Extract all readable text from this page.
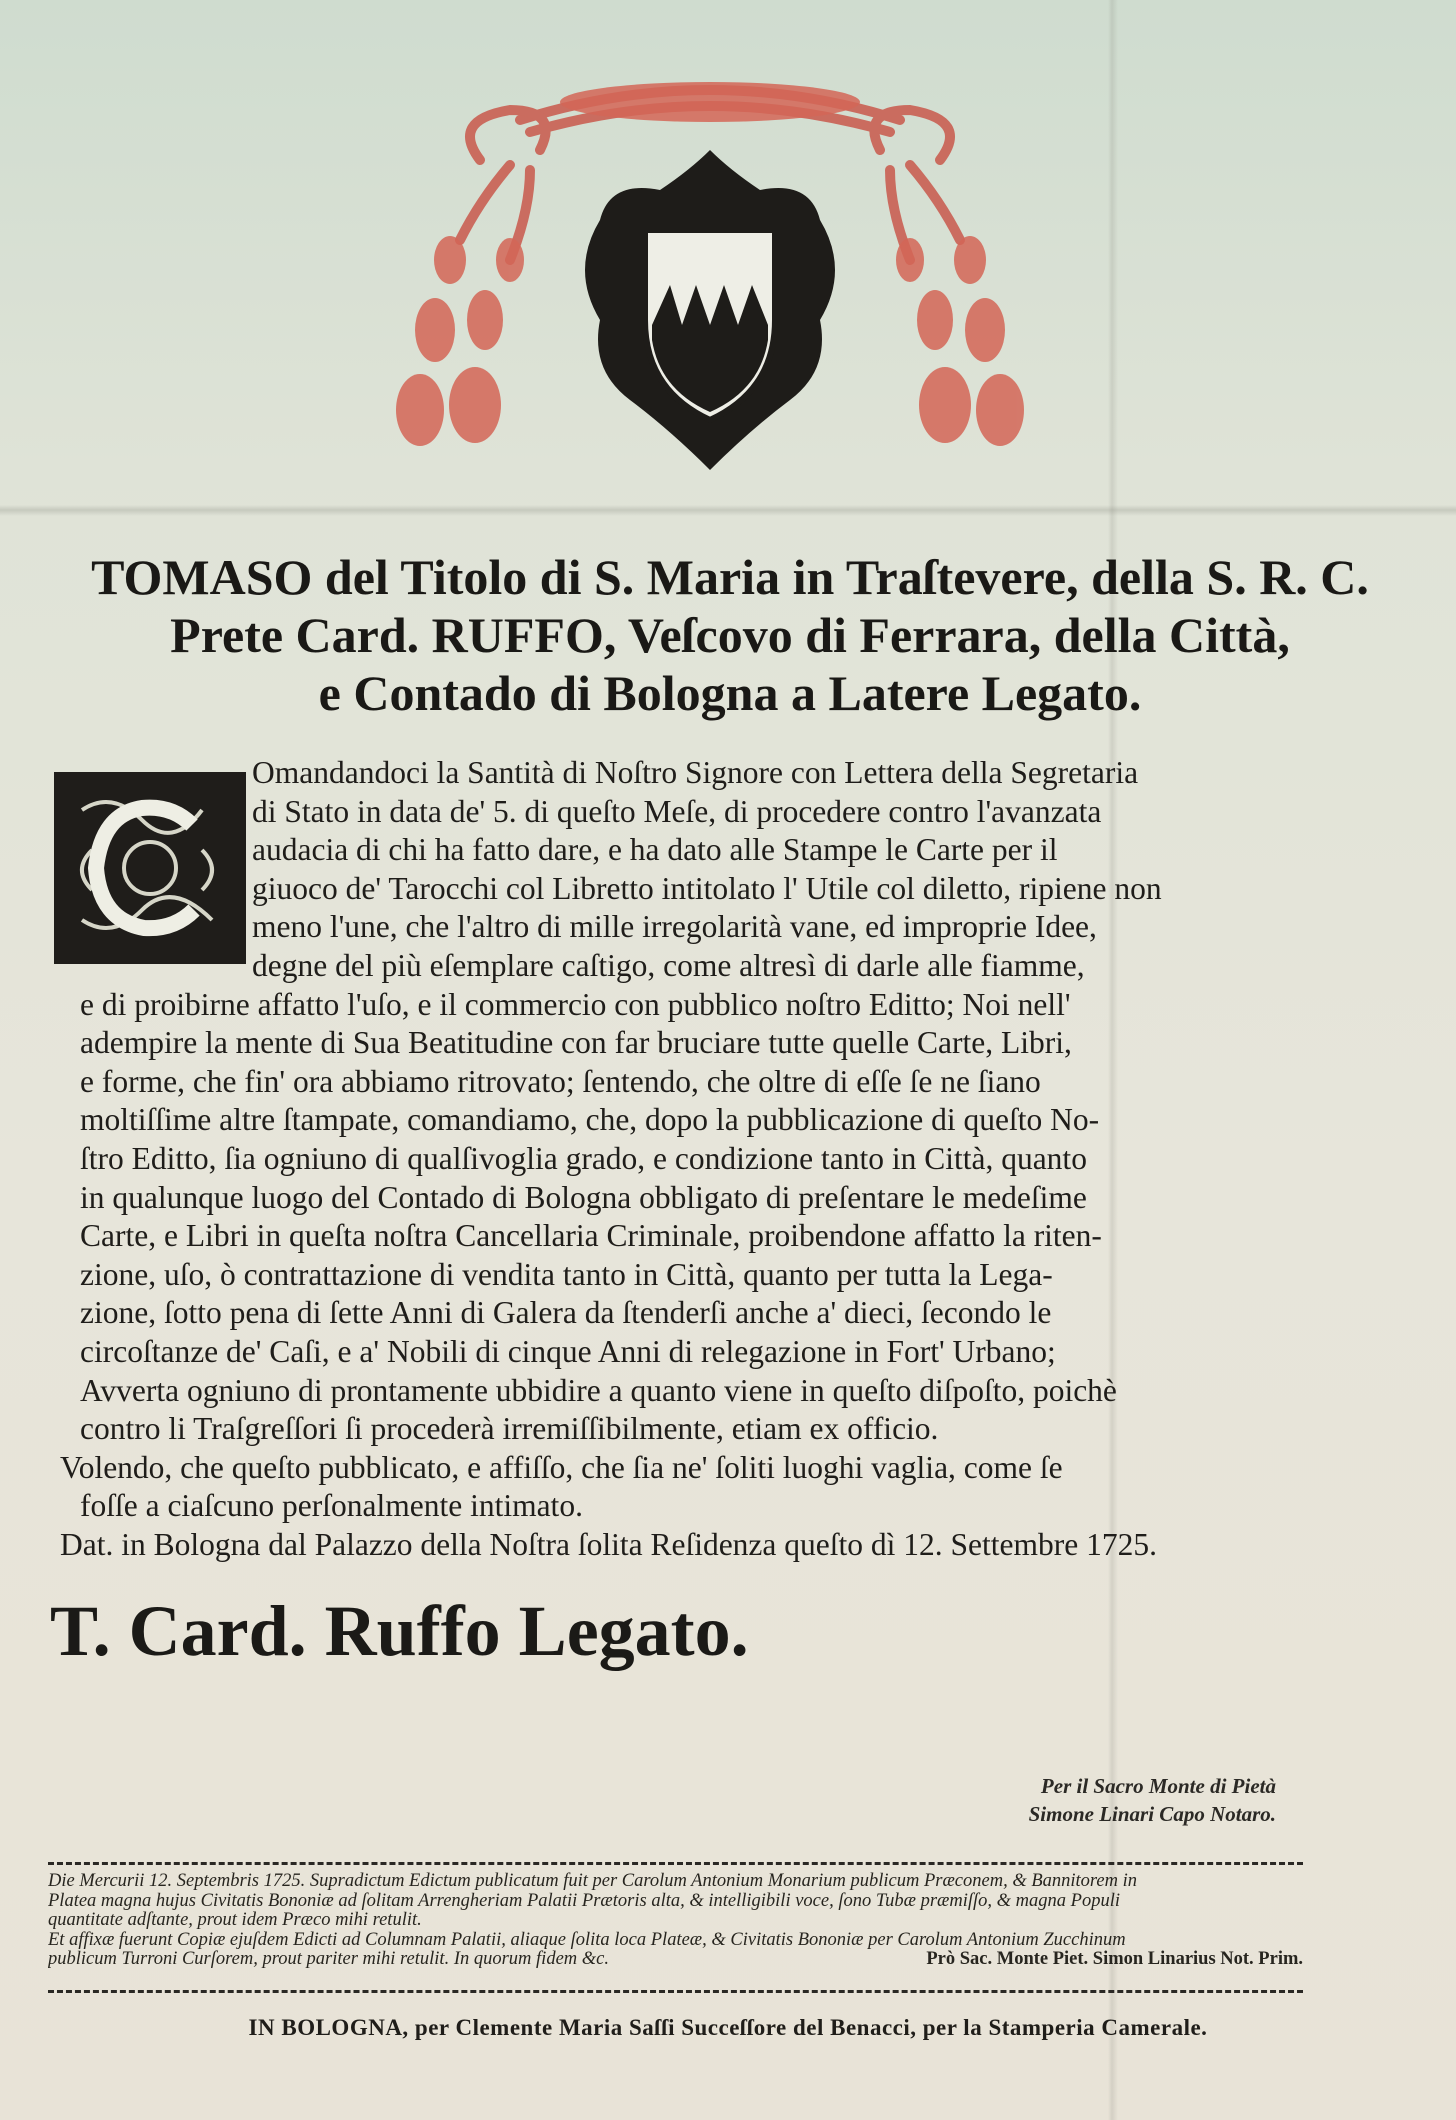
TOMASO del Titolo di S. Maria in Traſtevere, della S. R. C.
Prete Card. RUFFO, Veſcovo di Ferrara, della Città,
e Contado di Bologna a Latere Legato.
Omandandoci la Santità di Noſtro Signore con Lettera della Segretaria
di Stato in data de' 5. di queſto Meſe, di procedere contro l'avanzata
audacia di chi ha fatto dare, e ha dato alle Stampe le Carte per il
giuoco de' Tarocchi col Libretto intitolato l' Utile col diletto, ripiene non
meno l'une, che l'altro di mille irregolarità vane, ed improprie Idee,
degne del più eſemplare caſtigo, come altresì di darle alle fiamme,
e di proibirne affatto l'uſo, e il commercio con pubblico noſtro Editto; Noi nell'
adempire la mente di Sua Beatitudine con far bruciare tutte quelle Carte, Libri,
e forme, che fin' ora abbiamo ritrovato; ſentendo, che oltre di eſſe ſe ne ſiano
moltiſſime altre ſtampate, comandiamo, che, dopo la pubblicazione di queſto No-
ſtro Editto, ſia ogniuno di qualſivoglia grado, e condizione tanto in Città, quanto
in qualunque luogo del Contado di Bologna obbligato di preſentare le medeſime
Carte, e Libri in queſta noſtra Cancellaria Criminale, proibendone affatto la riten-
zione, uſo, ò contrattazione di vendita tanto in Città, quanto per tutta la Lega-
zione, ſotto pena di ſette Anni di Galera da ſtenderſi anche a' dieci, ſecondo le
circoſtanze de' Caſi, e a' Nobili di cinque Anni di relegazione in Fort' Urbano;
Avverta ogniuno di prontamente ubbidire a quanto viene in queſto diſpoſto, poichè
contro li Traſgreſſori ſi procederà irremiſſibilmente, etiam ex officio.
Volendo, che queſto pubblicato, e affiſſo, che ſia ne' ſoliti luoghi vaglia, come ſe
foſſe a ciaſcuno perſonalmente intimato.
Dat. in Bologna dal Palazzo della Noſtra ſolita Reſidenza queſto dì 12. Settembre 1725.
T. Card. Ruffo Legato.
Per il Sacro Monte di Pietà
Simone Linari Capo Notaro.
Die Mercurii 12. Septembris 1725. Supradictum Edictum publicatum fuit per Carolum Antonium Monarium publicum Præconem, & Bannitorem in
Platea magna hujus Civitatis Bononiæ ad ſolitam Arrengheriam Palatii Prætoris alta, & intelligibili voce, ſono Tubæ præmiſſo, & magna Populi
quantitate adſtante, prout idem Præco mihi retulit.
Et affixæ fuerunt Copiæ ejuſdem Edicti ad Columnam Palatii, aliaque ſolita loca Plateæ, & Civitatis Bononiæ per Carolum Antonium Zucchinum
publicum Turroni Curſorem, prout pariter mihi retulit. In quorum fidem &c.	Prò Sac. Monte Piet. Simon Linarius Not. Prim.
IN BOLOGNA, per Clemente Maria Saſſi Succeſſore del Benacci, per la Stamperia Camerale.
